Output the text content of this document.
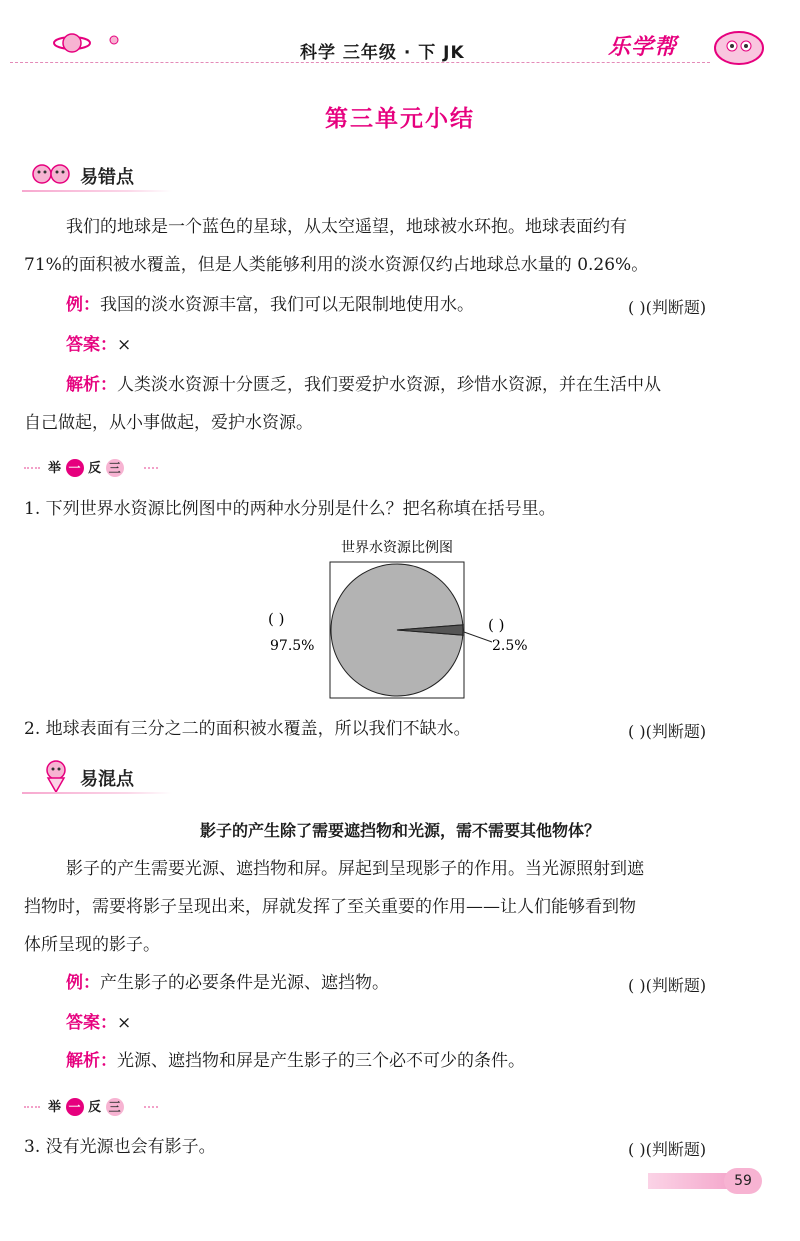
科学 三年级 · 下 JK	乐学帮
第三单元小结
易错点

我们的地球是一个蓝色的星球，从太空遥望，地球被水环抱。地球表面约有

71%的面积被水覆盖，但是人类能够利用的淡水资源仅约占地球总水量的 0.26%。

例：我国的淡水资源丰富，我们可以无限制地使用水。	( )(判断题)

答案：×

解析：人类淡水资源十分匮乏，我们要爱护水资源，珍惜水资源，并在生活中从

自己做起，从小事做起，爱护水资源。

举 一 反 三

1. 下列世界水资源比例图中的两种水分别是什么？把名称填在括号里。

世界水资源比例图
( )
97.5%
( )
2.5%

2. 地球表面有三分之二的面积被水覆盖，所以我们不缺水。	( )(判断题)
易混点
影子的产生除了需要遮挡物和光源，需不需要其他物体？

影子的产生需要光源、遮挡物和屏。屏起到呈现影子的作用。当光源照射到遮

挡物时，需要将影子呈现出来，屏就发挥了至关重要的作用——让人们能够看到物

体所呈现的影子。

例：产生影子的必要条件是光源、遮挡物。	( )(判断题)

答案：×

解析：光源、遮挡物和屏是产生影子的三个必不可少的条件。

举 一 反 三

3. 没有光源也会有影子。	( )(判断题)
59
